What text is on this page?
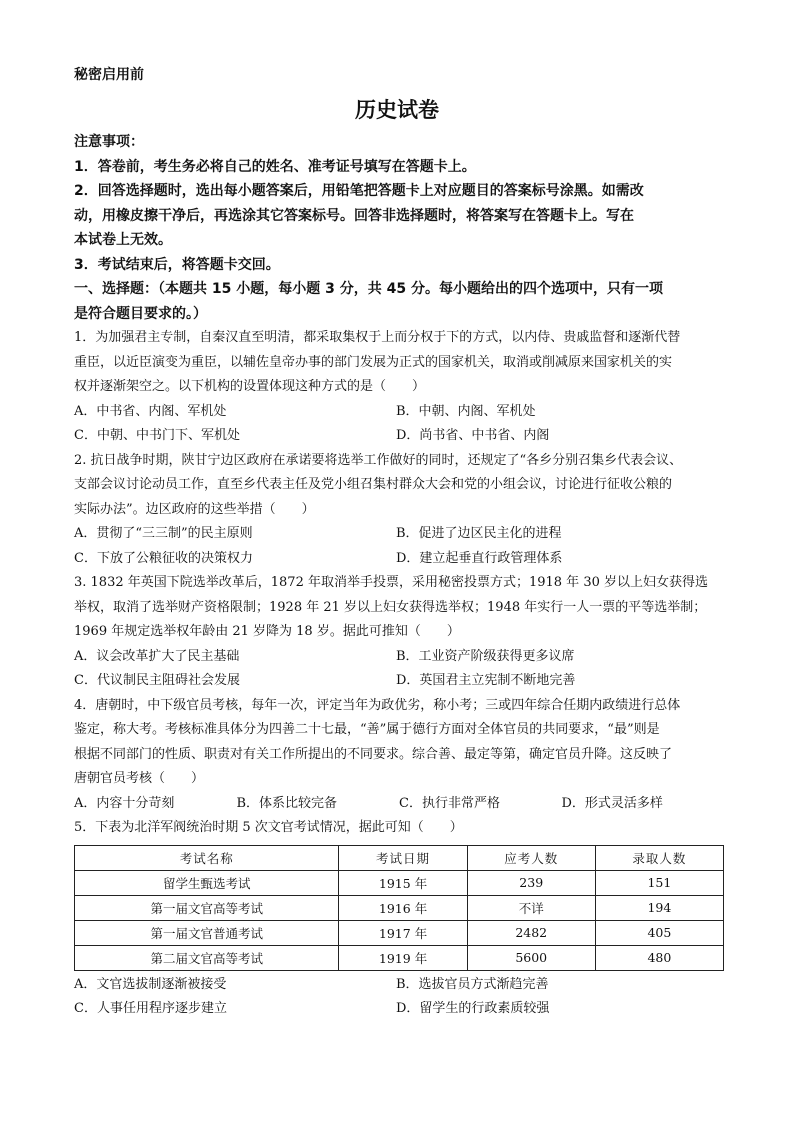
秘密启用前
历史试卷
注意事项：
1．答卷前，考生务必将自己的姓名、准考证号填写在答题卡上。
2．回答选择题时，选出每小题答案后，用铅笔把答题卡上对应题目的答案标号涂黑。如需改
动，用橡皮擦干净后，再选涂其它答案标号。回答非选择题时，将答案写在答题卡上。写在
本试卷上无效。
3．考试结束后，将答题卡交回。
一、选择题：（本题共 15 小题，每小题 3 分，共 45 分。每小题给出的四个选项中，只有一项
是符合题目要求的。）
1．为加强君主专制，自秦汉直至明清，都采取集权于上而分权于下的方式，以内侍、贵戚监督和逐渐代替
重臣，以近臣演变为重臣，以辅佐皇帝办事的部门发展为正式的国家机关，取消或削减原来国家机关的实
权并逐渐架空之。以下机构的设置体现这种方式的是（　　）
A．中书省、内阁、军机处	B．中朝、内阁、军机处
C．中朝、中书门下、军机处	D．尚书省、中书省、内阁
2. 抗日战争时期，陕甘宁边区政府在承诺要将选举工作做好的同时，还规定了“各乡分别召集乡代表会议、
支部会议讨论动员工作，直至乡代表主任及党小组召集村群众大会和党的小组会议，讨论进行征收公粮的
实际办法”。边区政府的这些举措（　　）
A．贯彻了“三三制”的民主原则	B．促进了边区民主化的进程
C．下放了公粮征收的决策权力	D．建立起垂直行政管理体系
3. 1832 年英国下院选举改革后，1872 年取消举手投票，采用秘密投票方式；1918 年 30 岁以上妇女获得选
举权，取消了选举财产资格限制；1928 年 21 岁以上妇女获得选举权；1948 年实行一人一票的平等选举制；
1969 年规定选举权年龄由 21 岁降为 18 岁。据此可推知（　　）
A．议会改革扩大了民主基础	B．工业资产阶级获得更多议席
C．代议制民主阻碍社会发展	D．英国君主立宪制不断地完善
4．唐朝时，中下级官员考核，每年一次，评定当年为政优劣，称小考；三或四年综合任期内政绩进行总体
鉴定，称大考。考核标准具体分为四善二十七最，“善”属于德行方面对全体官员的共同要求，“最”则是
根据不同部门的性质、职责对有关工作所提出的不同要求。综合善、最定等第，确定官员升降。这反映了
唐朝官员考核（　　）
A．内容十分苛刻	B．体系比较完备	C．执行非常严格	D．形式灵活多样
5．下表为北洋军阀统治时期 5 次文官考试情况，据此可知（　　）
考试名称	考试日期	应考人数	录取人数
留学生甄选考试	1915 年	239	151
第一届文官高等考试	1916 年	不详	194
第一届文官普通考试	1917 年	2482	405
第二届文官高等考试	1919 年	5600	480
A．文官选拔制逐渐被接受	B．选拔官员方式渐趋完善
C．人事任用程序逐步建立	D．留学生的行政素质较强
